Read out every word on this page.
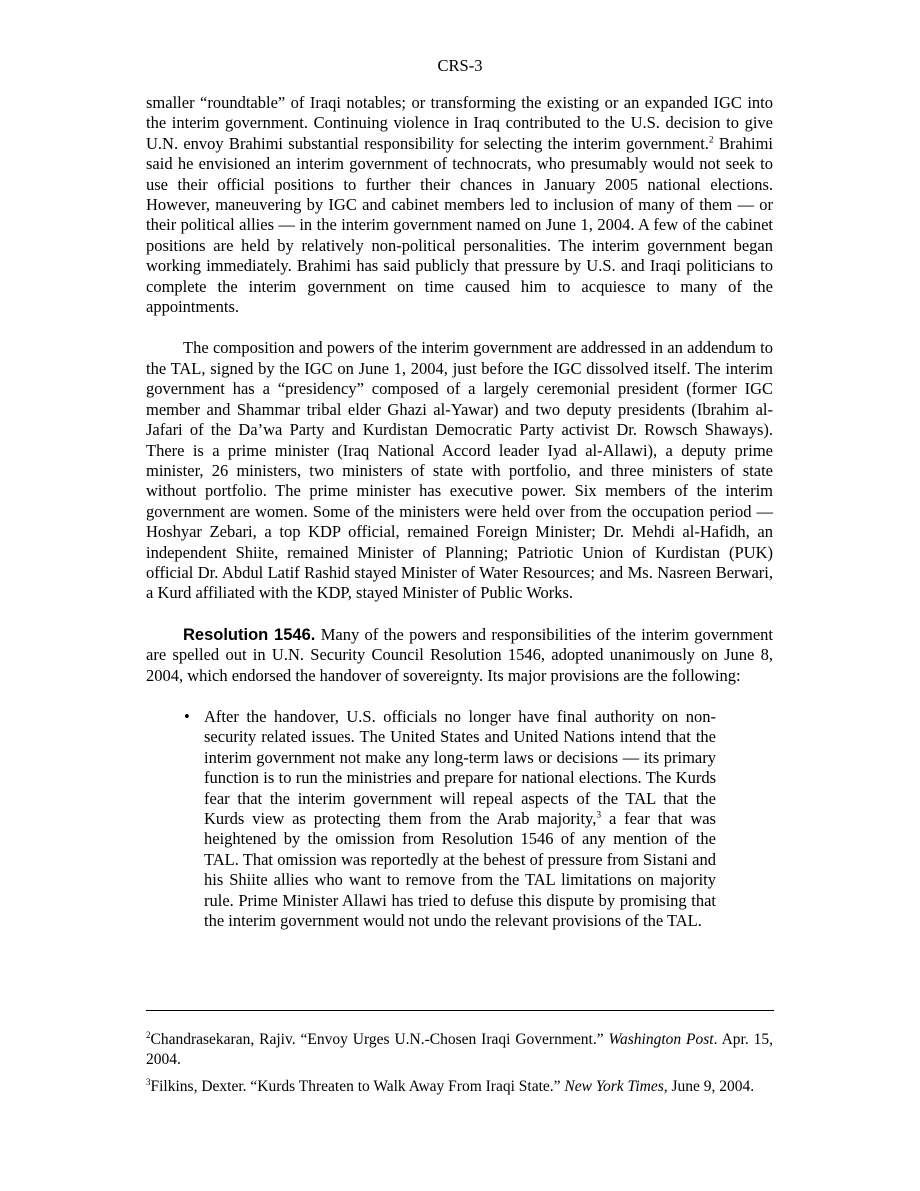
CRS-3

smaller “roundtable” of Iraqi notables; or transforming the existing or an expanded IGC into the interim government. Continuing violence in Iraq contributed to the U.S. decision to give U.N. envoy Brahimi substantial responsibility for selecting the interim government.$^2$ Brahimi said he envisioned an interim government of technocrats, who presumably would not seek to use their official positions to further their chances in January 2005 national elections. However, maneuvering by IGC and cabinet members led to inclusion of many of them — or their political allies — in the interim government named on June 1, 2004. A few of the cabinet positions are held by relatively non-political personalities. The interim government began working immediately. Brahimi has said publicly that pressure by U.S. and Iraqi politicians to complete the interim government on time caused him to acquiesce to many of the appointments.

The composition and powers of the interim government are addressed in an addendum to the TAL, signed by the IGC on June 1, 2004, just before the IGC dissolved itself. The interim government has a “presidency” composed of a largely ceremonial president (former IGC member and Shammar tribal elder Ghazi al-Yawar) and two deputy presidents (Ibrahim al-Jafari of the Da’wa Party and Kurdistan Democratic Party activist Dr. Rowsch Shaways). There is a prime minister (Iraq National Accord leader Iyad al-Allawi), a deputy prime minister, 26 ministers, two ministers of state with portfolio, and three ministers of state without portfolio. The prime minister has executive power. Six members of the interim government are women. Some of the ministers were held over from the occupation period — Hoshyar Zebari, a top KDP official, remained Foreign Minister; Dr. Mehdi al-Hafidh, an independent Shiite, remained Minister of Planning; Patriotic Union of Kurdistan (PUK) official Dr. Abdul Latif Rashid stayed Minister of Water Resources; and Ms. Nasreen Berwari, a Kurd affiliated with the KDP, stayed Minister of Public Works.

Resolution 1546. Many of the powers and responsibilities of the interim government are spelled out in U.N. Security Council Resolution 1546, adopted unanimously on June 8, 2004, which endorsed the handover of sovereignty. Its major provisions are the following:

• After the handover, U.S. officials no longer have final authority on non-security related issues. The United States and United Nations intend that the interim government not make any long-term laws or decisions — its primary function is to run the ministries and prepare for national elections. The Kurds fear that the interim government will repeal aspects of the TAL that the Kurds view as protecting them from the Arab majority,$^3$ a fear that was heightened by the omission from Resolution 1546 of any mention of the TAL. That omission was reportedly at the behest of pressure from Sistani and his Shiite allies who want to remove from the TAL limitations on majority rule. Prime Minister Allawi has tried to defuse this dispute by promising that the interim government would not undo the relevant provisions of the TAL.

$^2$Chandrasekaran, Rajiv. “Envoy Urges U.N.-Chosen Iraqi Government.” Washington Post. Apr. 15, 2004.

$^3$Filkins, Dexter. “Kurds Threaten to Walk Away From Iraqi State.” New York Times, June 9, 2004.
